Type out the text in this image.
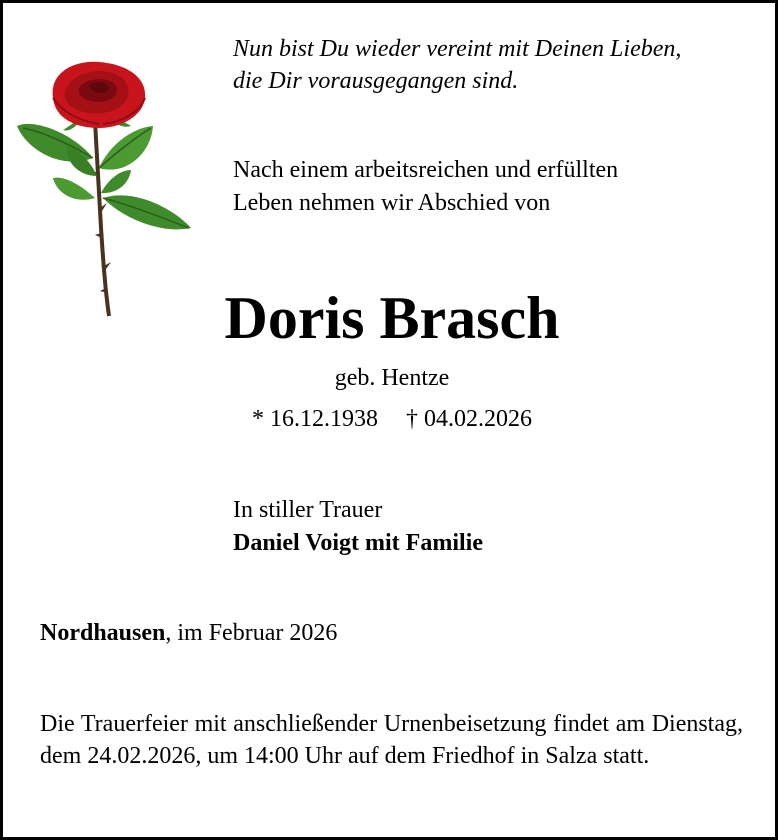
Nun bist Du wieder vereint mit Deinen Lieben,
die Dir vorausgegangen sind.
Nach einem arbeitsreichen und erfüllten
Leben nehmen wir Abschied von
Doris Brasch
geb. Hentze
* 16.12.1938 † 04.02.2026
In stiller Trauer
Daniel Voigt mit Familie
Nordhausen, im Februar 2026
Die Trauerfeier mit anschließender Urnenbeisetzung findet am Dienstag, dem 24.02.2026, um 14:00 Uhr auf dem Friedhof in Salza statt.
